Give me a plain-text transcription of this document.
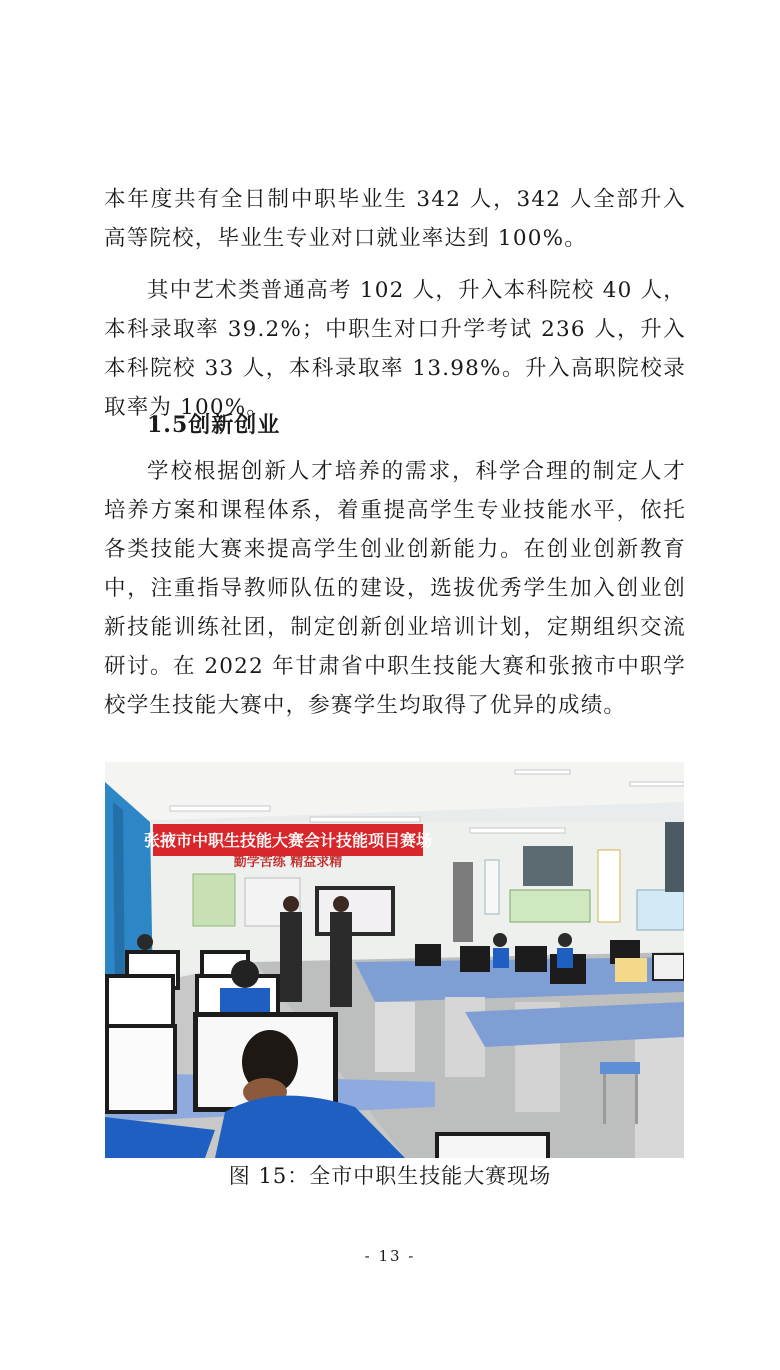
本年度共有全日制中职毕业生 342 人，342 人全部升入高等院校，毕业生专业对口就业率达到 100%。

其中艺术类普通高考 102 人，升入本科院校 40 人，本科录取率 39.2%；中职生对口升学考试 236 人，升入本科院校 33 人，本科录取率 13.98%。升入高职院校录取率为 100%。

1.5创新创业

学校根据创新人才培养的需求，科学合理的制定人才培养方案和课程体系，着重提高学生专业技能水平，依托各类技能大赛来提高学生创业创新能力。在创业创新教育中，注重指导教师队伍的建设，选拔优秀学生加入创业创新技能训练社团，制定创新创业培训计划，定期组织交流研讨。在 2022 年甘肃省中职生技能大赛和张掖市中职学校学生技能大赛中，参赛学生均取得了优异的成绩。

张掖市中职生技能大赛会计技能项目赛场
勤学苦练 精益求精

图 15：全市中职生技能大赛现场

- 13 -
